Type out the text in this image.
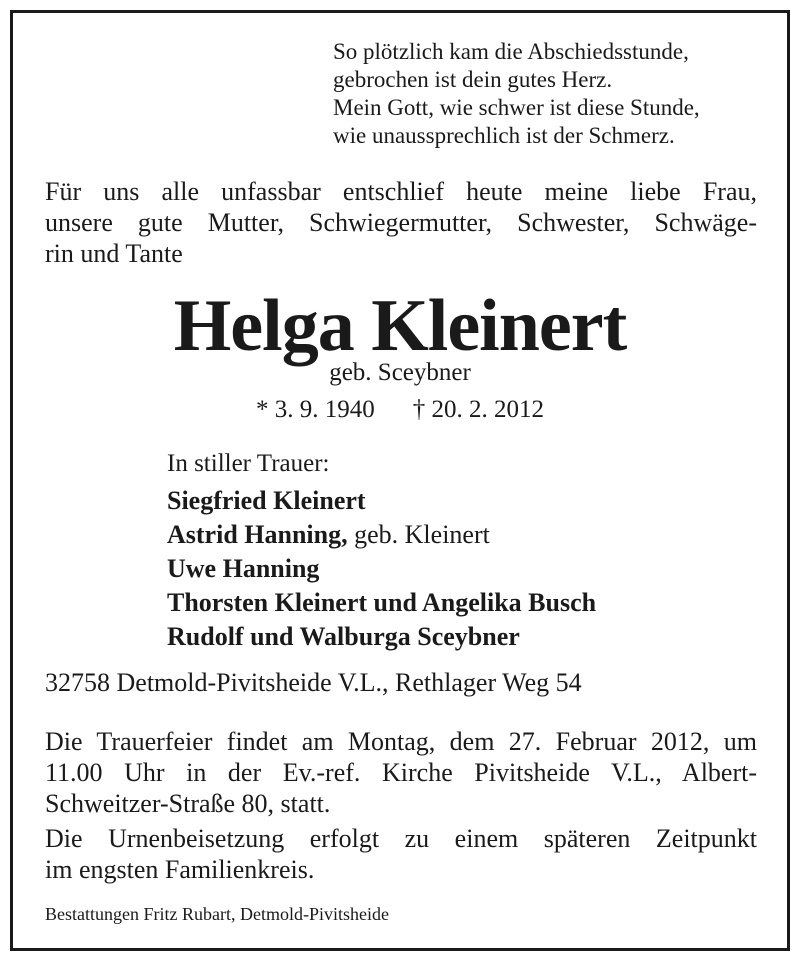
So plötzlich kam die Abschiedsstunde,
gebrochen ist dein gutes Herz.
Mein Gott, wie schwer ist diese Stunde,
wie unaussprechlich ist der Schmerz.
Für uns alle unfassbar entschlief heute meine liebe Frau,
unsere gute Mutter, Schwiegermutter, Schwester, Schwäge-
rin und Tante
Helga Kleinert
geb. Sceybner
* 3. 9. 1940 † 20. 2. 2012
In stiller Trauer:
Siegfried Kleinert
Astrid Hanning, geb. Kleinert
Uwe Hanning
Thorsten Kleinert und Angelika Busch
Rudolf und Walburga Sceybner
32758 Detmold-Pivitsheide V.L., Rethlager Weg 54
Die Trauerfeier findet am Montag, dem 27. Februar 2012, um
11.00 Uhr in der Ev.-ref. Kirche Pivitsheide V.L., Albert-
Schweitzer-Straße 80, statt.
Die Urnenbeisetzung erfolgt zu einem späteren Zeitpunkt
im engsten Familienkreis.
Bestattungen Fritz Rubart, Detmold-Pivitsheide
